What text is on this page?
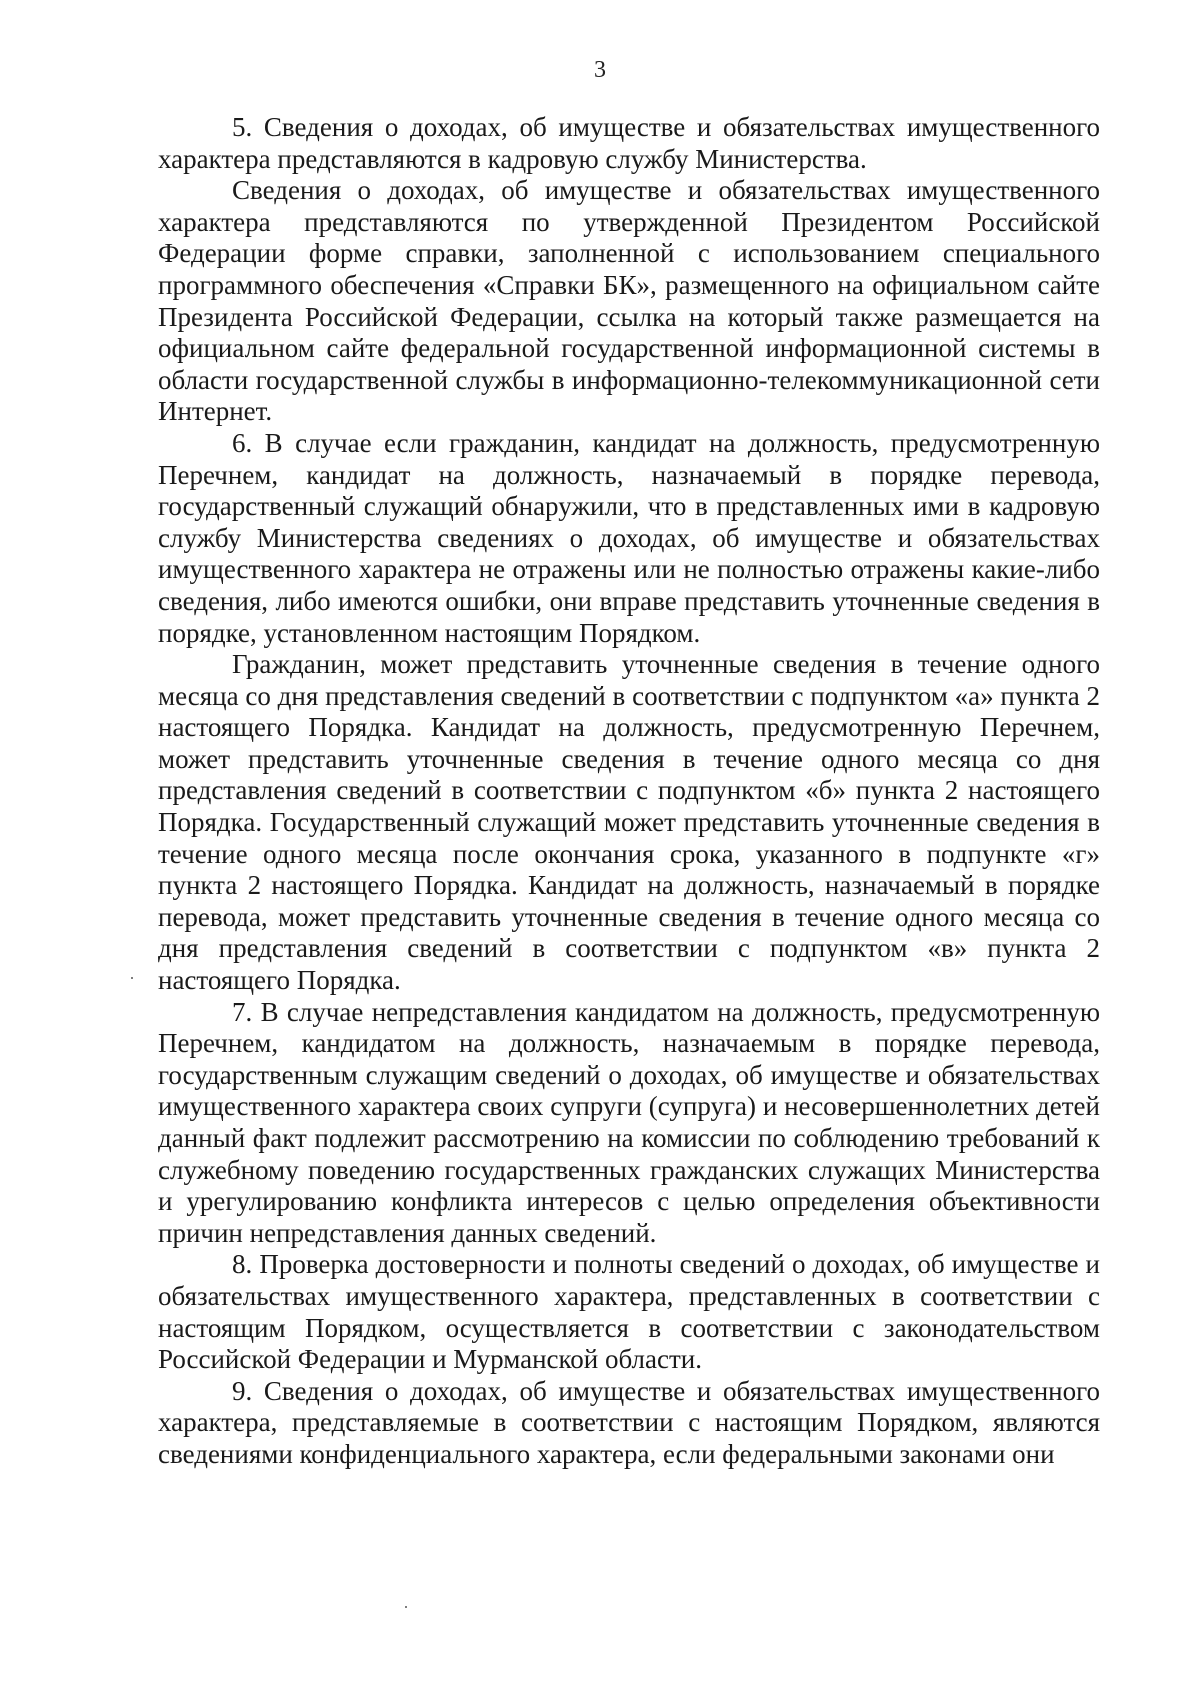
3

5. Сведения о доходах, об имуществе и обязательствах имущественного характера представляются в кадровую службу Министерства.

Сведения о доходах, об имуществе и обязательствах имущественного характера представляются по утвержденной Президентом Российской Федерации форме справки, заполненной с использованием специального программного обеспечения «Справки БК», размещенного на официальном сайте Президента Российской Федерации, ссылка на который также размещается на официальном сайте федеральной государственной информационной системы в области государственной службы в информационно-телекоммуникационной сети Интернет.

6. В случае если гражданин, кандидат на должность, предусмотренную Перечнем, кандидат на должность, назначаемый в порядке перевода, государственный служащий обнаружили, что в представленных ими в кадровую службу Министерства сведениях о доходах, об имуществе и обязательствах имущественного характера не отражены или не полностью отражены какие-либо сведения, либо имеются ошибки, они вправе представить уточненные сведения в порядке, установленном настоящим Порядком.

Гражданин, может представить уточненные сведения в течение одного месяца со дня представления сведений в соответствии с подпунктом «а» пункта 2 настоящего Порядка. Кандидат на должность, предусмотренную Перечнем, может представить уточненные сведения в течение одного месяца со дня представления сведений в соответствии с подпунктом «б» пункта 2 настоящего Порядка. Государственный служащий может представить уточненные сведения в течение одного месяца после окончания срока, указанного в подпункте «г» пункта 2 настоящего Порядка. Кандидат на должность, назначаемый в порядке перевода, может представить уточненные сведения в течение одного месяца со дня представления сведений в соответствии с подпунктом «в» пункта 2 настоящего Порядка.

7. В случае непредставления кандидатом на должность, предусмотренную Перечнем, кандидатом на должность, назначаемым в порядке перевода, государственным служащим сведений о доходах, об имуществе и обязательствах имущественного характера своих супруги (супруга) и несовершеннолетних детей данный факт подлежит рассмотрению на комиссии по соблюдению требований к служебному поведению государственных гражданских служащих Министерства и урегулированию конфликта интересов с целью определения объективности причин непредставления данных сведений.

8. Проверка достоверности и полноты сведений о доходах, об имуществе и обязательствах имущественного характера, представленных в соответствии с настоящим Порядком, осуществляется в соответствии с законодательством Российской Федерации и Мурманской области.

9. Сведения о доходах, об имуществе и обязательствах имущественного характера, представляемые в соответствии с настоящим Порядком, являются сведениями конфиденциального характера, если федеральными законами они
